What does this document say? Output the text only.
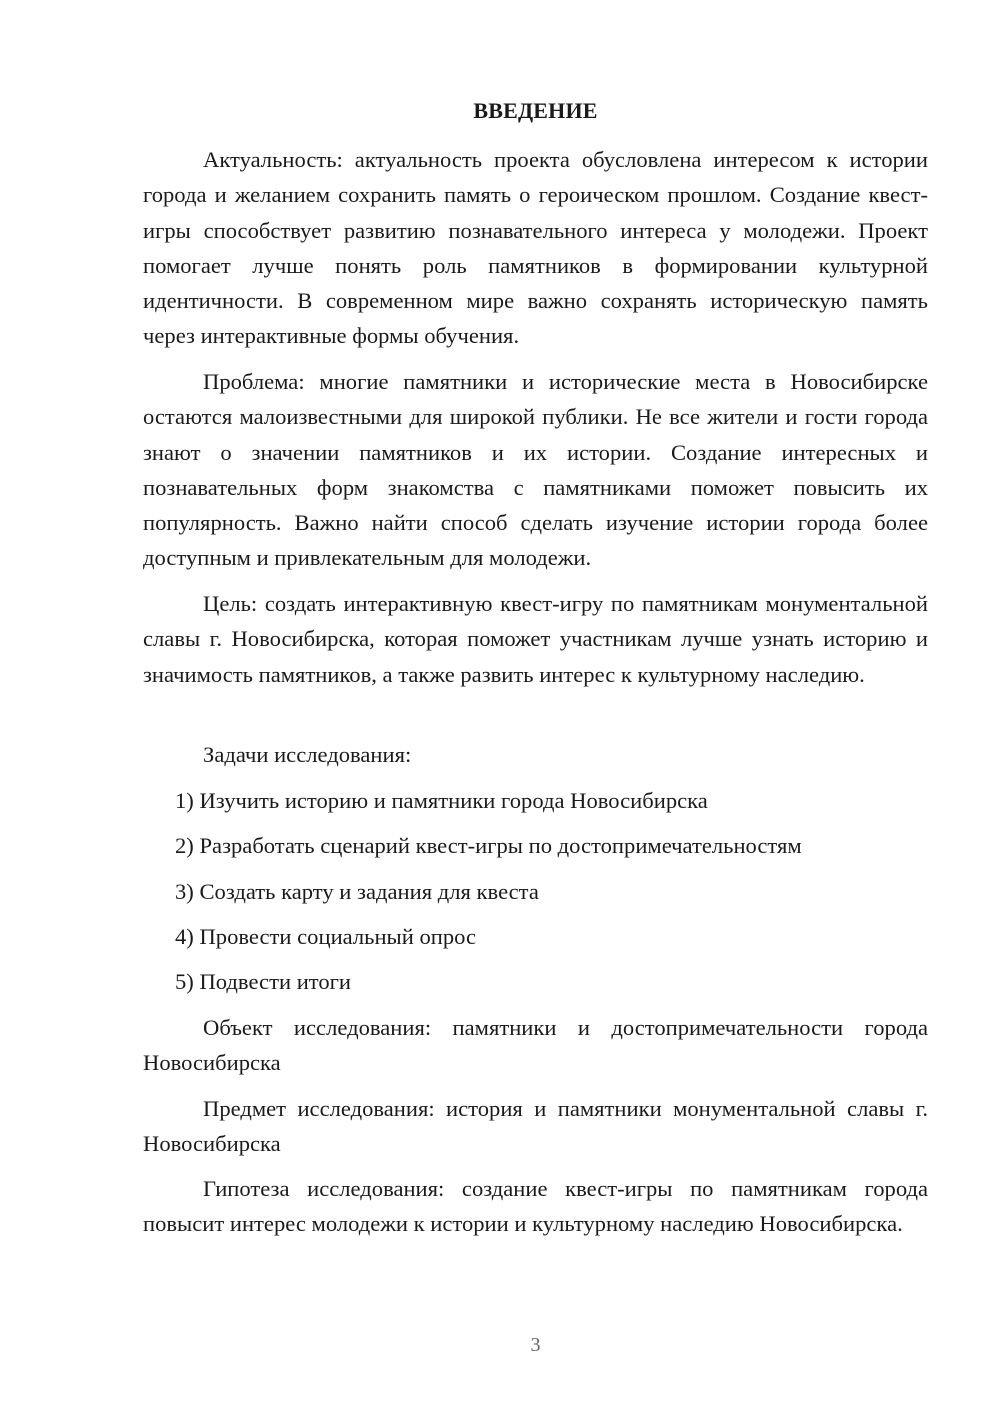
ВВЕДЕНИЕ

Актуальность: актуальность проекта обусловлена интересом к истории города и желанием сохранить память о героическом прошлом. Создание квест-игры способствует развитию познавательного интереса у молодежи. Проект помогает лучше понять роль памятников в формировании культурной идентичности. В современном мире важно сохранять историческую память через интерактивные формы обучения.

Проблема: многие памятники и исторические места в Новосибирске остаются малоизвестными для широкой публики. Не все жители и гости города знают о значении памятников и их истории. Создание интересных и познавательных форм знакомства с памятниками поможет повысить их популярность. Важно найти способ сделать изучение истории города более доступным и привлекательным для молодежи.

Цель: создать интерактивную квест-игру по памятникам монументальной славы г. Новосибирска, которая поможет участникам лучше узнать историю и значимость памятников, а также развить интерес к культурному наследию.

Задачи исследования:

1) Изучить историю и памятники города Новосибирска

2) Разработать сценарий квест-игры по достопримечательностям

3) Создать карту и задания для квеста

4) Провести социальный опрос

5) Подвести итоги

Объект исследования: памятники и достопримечательности города Новосибирска

Предмет исследования: история и памятники монументальной славы г. Новосибирска

Гипотеза исследования: создание квест-игры по памятникам города повысит интерес молодежи к истории и культурному наследию Новосибирска.

3
